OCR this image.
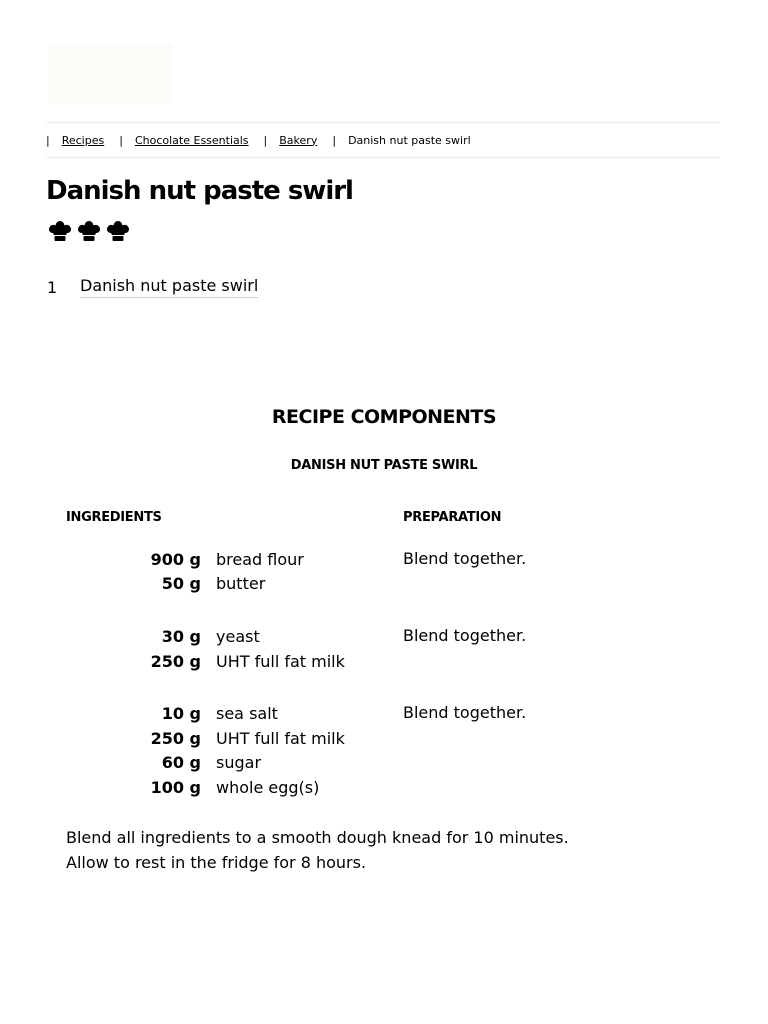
| Recipes | Chocolate Essentials | Bakery | Danish nut paste swirl
Danish nut paste swirl
1	Danish nut paste swirl
RECIPE COMPONENTS
DANISH NUT PASTE SWIRL
INGREDIENTS	PREPARATION
Blend together.
900 g bread flour
50 g butter
Blend together.
30 g yeast
250 g UHT full fat milk
Blend together.
10 g sea salt
250 g UHT full fat milk
60 g sugar
100 g whole egg(s)

Blend all ingredients to a smooth dough knead for 10 minutes.

Allow to rest in the fridge for 8 hours.
